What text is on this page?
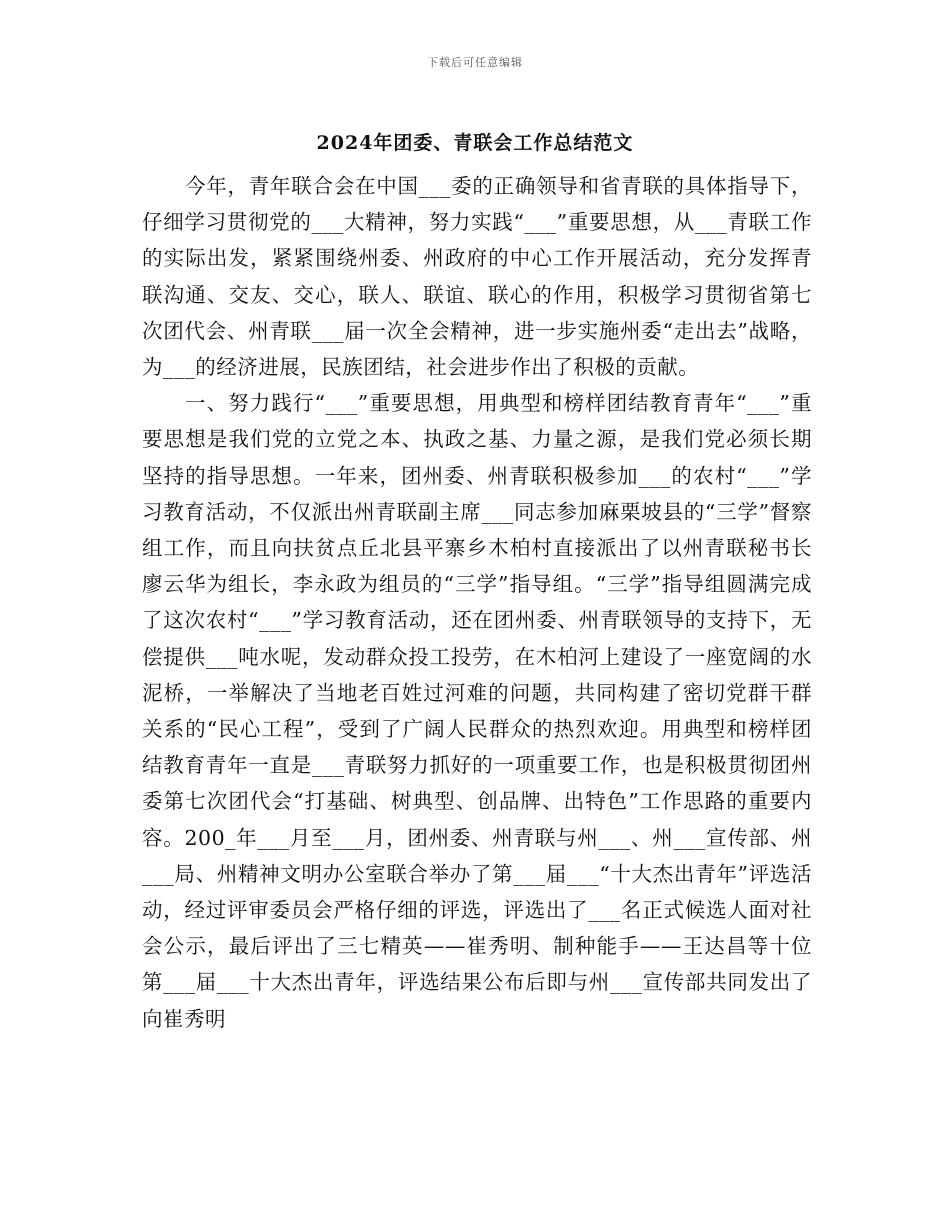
下载后可任意编辑
2024年团委、青联会工作总结范文

今年，青年联合会在中国___委的正确领导和省青联的具体指导下，仔细学习贯彻党的___大精神，努力实践“___”重要思想，从___青联工作的实际出发，紧紧围绕州委、州政府的中心工作开展活动，充分发挥青联沟通、交友、交心，联人、联谊、联心的作用，积极学习贯彻省第七次团代会、州青联___届一次全会精神，进一步实施州委“走出去”战略，为___的经济进展，民族团结，社会进步作出了积极的贡献。

一、努力践行“___”重要思想，用典型和榜样团结教育青年“___”重要思想是我们党的立党之本、执政之基、力量之源，是我们党必须长期坚持的指导思想。一年来，团州委、州青联积极参加___的农村“___”学习教育活动，不仅派出州青联副主席___同志参加麻栗坡县的“三学”督察组工作，而且向扶贫点丘北县平寨乡木柏村直接派出了以州青联秘书长廖云华为组长，李永政为组员的“三学”指导组。“三学”指导组圆满完成了这次农村“___”学习教育活动，还在团州委、州青联领导的支持下，无偿提供___吨水呢，发动群众投工投劳，在木柏河上建设了一座宽阔的水泥桥，一举解决了当地老百姓过河难的问题，共同构建了密切党群干群关系的“民心工程”，受到了广阔人民群众的热烈欢迎。用典型和榜样团结教育青年一直是___青联努力抓好的一项重要工作，也是积极贯彻团州委第七次团代会“打基础、树典型、创品牌、出特色”工作思路的重要内容。200_年___月至___月，团州委、州青联与州___、州___宣传部、州___局、州精神文明办公室联合举办了第___届___“十大杰出青年”评选活动，经过评审委员会严格仔细的评选，评选出了___名正式候选人面对社会公示，最后评出了三七精英——崔秀明、制种能手——王达昌等十位第___届___十大杰出青年，评选结果公布后即与州___宣传部共同发出了向崔秀明
